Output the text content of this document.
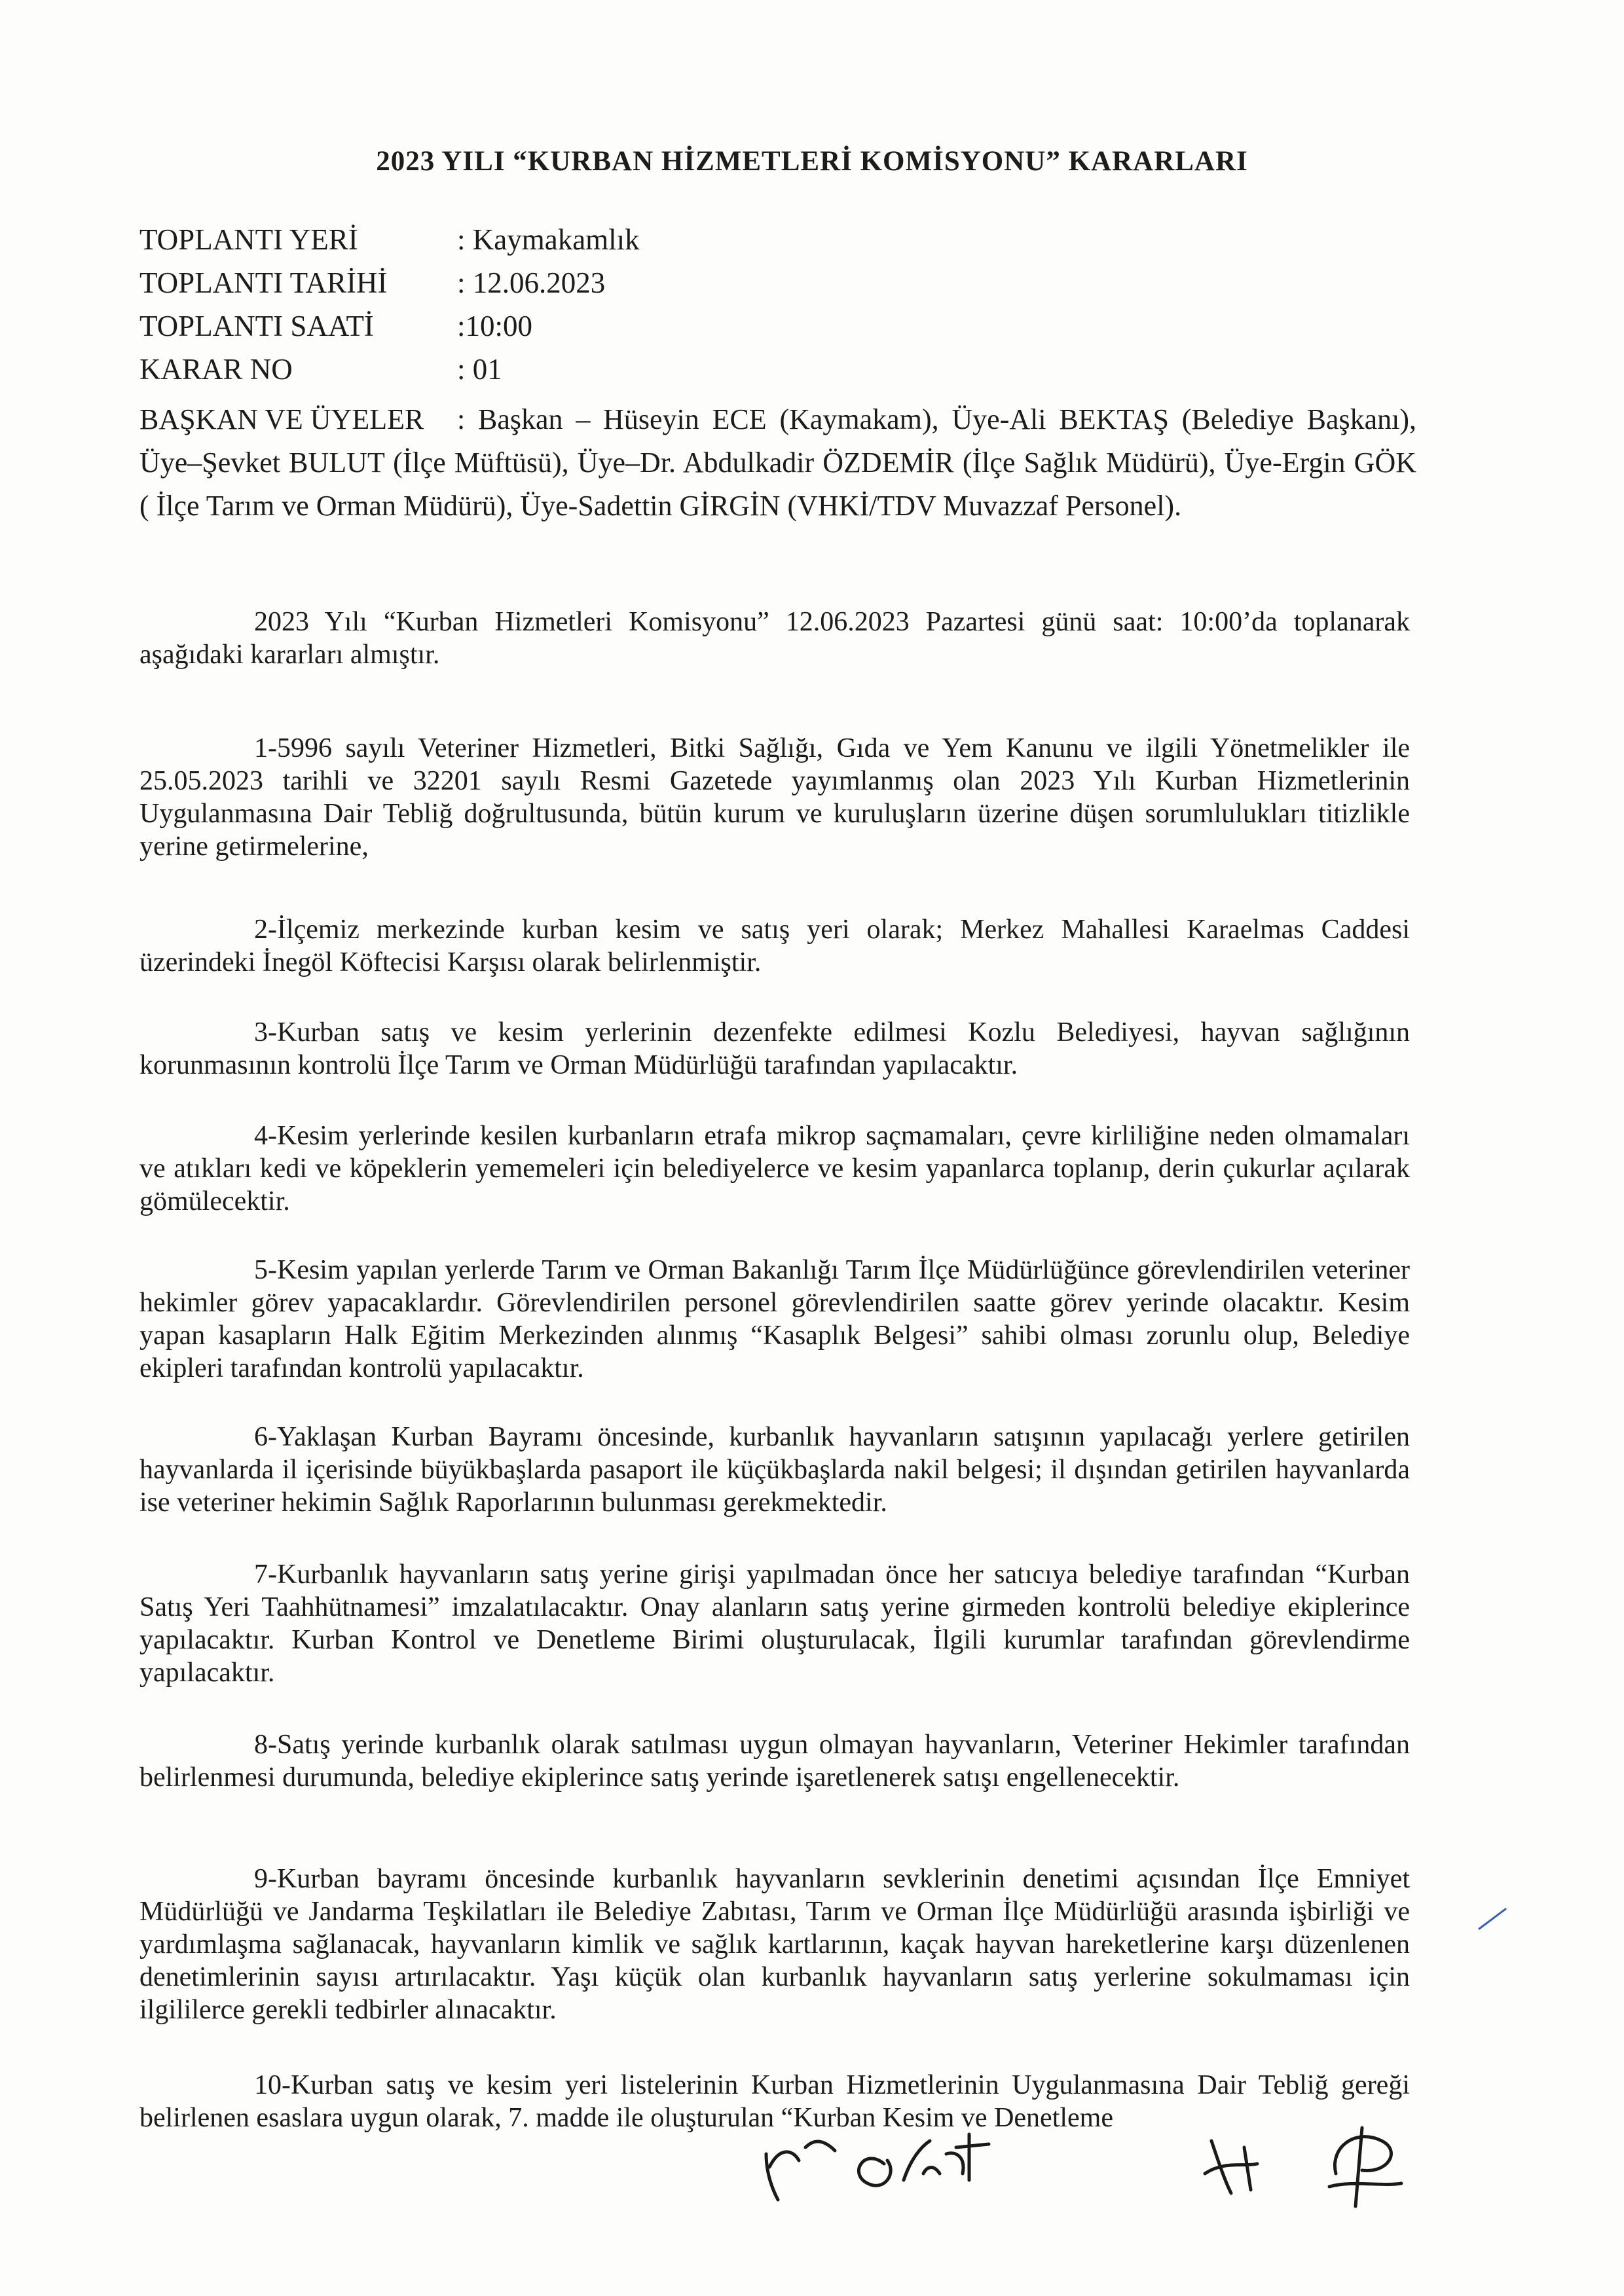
2023 YILI “KURBAN HİZMETLERİ KOMİSYONU” KARARLARI
TOPLANTI YERİ	: Kaymakamlık
TOPLANTI TARİHİ : 12.06.2023
TOPLANTI SAATİ	:10:00
KARAR NO	: 01
BAŞKAN VE ÜYELER : Başkan – Hüseyin ECE (Kaymakam), Üye-Ali BEKTAŞ (Belediye Başkanı), Üye–Şevket BULUT (İlçe Müftüsü), Üye–Dr. Abdulkadir ÖZDEMİR (İlçe Sağlık Müdürü), Üye-Ergin GÖK ( İlçe Tarım ve Orman Müdürü), Üye-Sadettin GİRGİN (VHKİ/TDV Muvazzaf Personel).

2023 Yılı “Kurban Hizmetleri Komisyonu” 12.06.2023 Pazartesi günü saat: 10:00’da toplanarak aşağıdaki kararları almıştır.

1-5996 sayılı Veteriner Hizmetleri, Bitki Sağlığı, Gıda ve Yem Kanunu ve ilgili Yönetmelikler ile 25.05.2023 tarihli ve 32201 sayılı Resmi Gazetede yayımlanmış olan 2023 Yılı Kurban Hizmetlerinin Uygulanmasına Dair Tebliğ doğrultusunda, bütün kurum ve kuruluşların üzerine düşen sorumlulukları titizlikle yerine getirmelerine,

2-İlçemiz merkezinde kurban kesim ve satış yeri olarak; Merkez Mahallesi Karaelmas Caddesi üzerindeki İnegöl Köftecisi Karşısı olarak belirlenmiştir.

3-Kurban satış ve kesim yerlerinin dezenfekte edilmesi Kozlu Belediyesi, hayvan sağlığının korunmasının kontrolü İlçe Tarım ve Orman Müdürlüğü tarafından yapılacaktır.

4-Kesim yerlerinde kesilen kurbanların etrafa mikrop saçmamaları, çevre kirliliğine neden olmamaları ve atıkları kedi ve köpeklerin yememeleri için belediyelerce ve kesim yapanlarca toplanıp, derin çukurlar açılarak gömülecektir.

5-Kesim yapılan yerlerde Tarım ve Orman Bakanlığı Tarım İlçe Müdürlüğünce görevlendirilen veteriner hekimler görev yapacaklardır. Görevlendirilen personel görevlendirilen saatte görev yerinde olacaktır. Kesim yapan kasapların Halk Eğitim Merkezinden alınmış “Kasaplık Belgesi” sahibi olması zorunlu olup, Belediye ekipleri tarafından kontrolü yapılacaktır.

6-Yaklaşan Kurban Bayramı öncesinde, kurbanlık hayvanların satışının yapılacağı yerlere getirilen hayvanlarda il içerisinde büyükbaşlarda pasaport ile küçükbaşlarda nakil belgesi; il dışından getirilen hayvanlarda ise veteriner hekimin Sağlık Raporlarının bulunması gerekmektedir.

7-Kurbanlık hayvanların satış yerine girişi yapılmadan önce her satıcıya belediye tarafından “Kurban Satış Yeri Taahhütnamesi” imzalatılacaktır. Onay alanların satış yerine girmeden kontrolü belediye ekiplerince yapılacaktır. Kurban Kontrol ve Denetleme Birimi oluşturulacak, İlgili kurumlar tarafından görevlendirme yapılacaktır.

8-Satış yerinde kurbanlık olarak satılması uygun olmayan hayvanların, Veteriner Hekimler tarafından belirlenmesi durumunda, belediye ekiplerince satış yerinde işaretlenerek satışı engellenecektir.

9-Kurban bayramı öncesinde kurbanlık hayvanların sevklerinin denetimi açısından İlçe Emniyet Müdürlüğü ve Jandarma Teşkilatları ile Belediye Zabıtası, Tarım ve Orman İlçe Müdürlüğü arasında işbirliği ve yardımlaşma sağlanacak, hayvanların kimlik ve sağlık kartlarının, kaçak hayvan hareketlerine karşı düzenlenen denetimlerinin sayısı artırılacaktır. Yaşı küçük olan kurbanlık hayvanların satış yerlerine sokulmaması için ilgililerce gerekli tedbirler alınacaktır.

10-Kurban satış ve kesim yeri listelerinin Kurban Hizmetlerinin Uygulanmasına Dair Tebliğ gereği belirlenen esaslara uygun olarak, 7. madde ile oluşturulan “Kurban Kesim ve Denetleme
